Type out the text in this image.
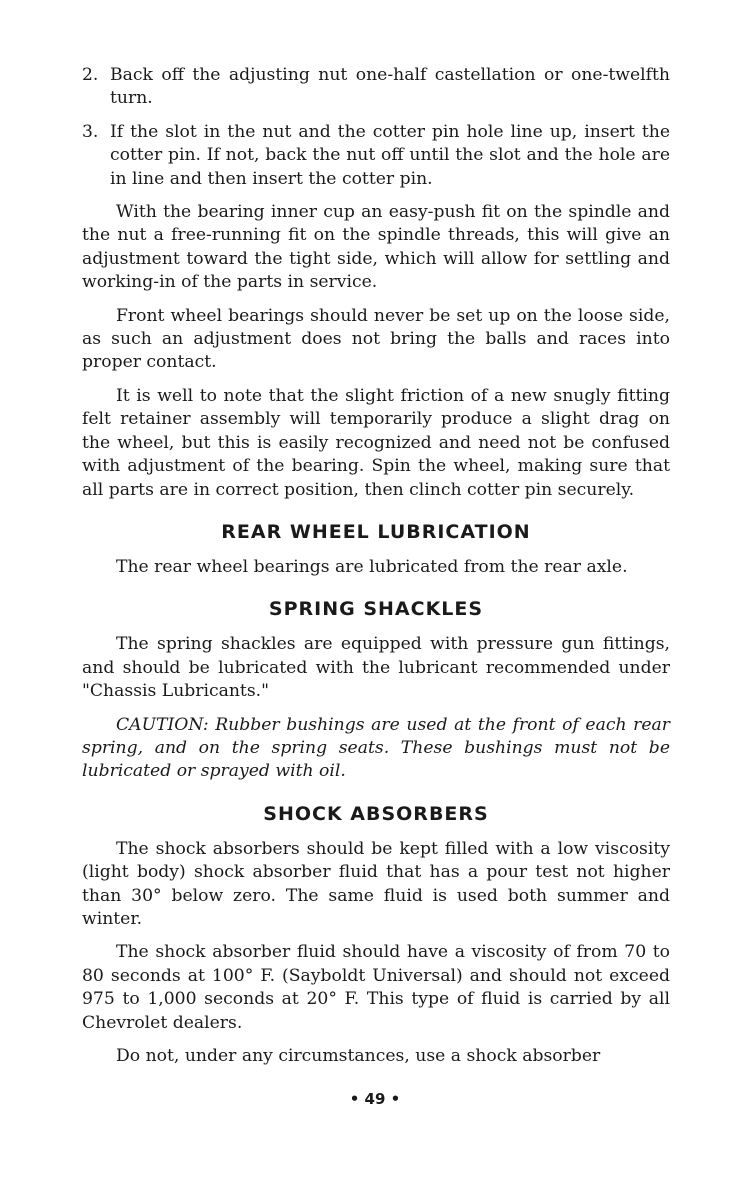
2. Back off the adjusting nut one-half castellation or one-twelfth turn.
3. If the slot in the nut and the cotter pin hole line up, insert the cotter pin. If not, back the nut off until the slot and the hole are in line and then insert the cotter pin.

With the bearing inner cup an easy-push fit on the spindle and the nut a free-running fit on the spindle threads, this will give an adjustment toward the tight side, which will allow for settling and working-in of the parts in service.

Front wheel bearings should never be set up on the loose side, as such an adjustment does not bring the balls and races into proper contact.

It is well to note that the slight friction of a new snugly fitting felt retainer assembly will temporarily produce a slight drag on the wheel, but this is easily recognized and need not be confused with adjustment of the bearing. Spin the wheel, making sure that all parts are in correct position, then clinch cotter pin securely.

REAR WHEEL LUBRICATION

The rear wheel bearings are lubricated from the rear axle.

SPRING SHACKLES

The spring shackles are equipped with pressure gun fittings, and should be lubricated with the lubricant recommended under "Chassis Lubricants."

CAUTION: Rubber bushings are used at the front of each rear spring, and on the spring seats. These bushings must not be lubricated or sprayed with oil.

SHOCK ABSORBERS

The shock absorbers should be kept filled with a low viscosity (light body) shock absorber fluid that has a pour test not higher than 30° below zero. The same fluid is used both summer and winter.

The shock absorber fluid should have a viscosity of from 70 to 80 seconds at 100° F. (Sayboldt Universal) and should not exceed 975 to 1,000 seconds at 20° F. This type of fluid is carried by all Chevrolet dealers.

Do not, under any circumstances, use a shock absorber

• 49 •
